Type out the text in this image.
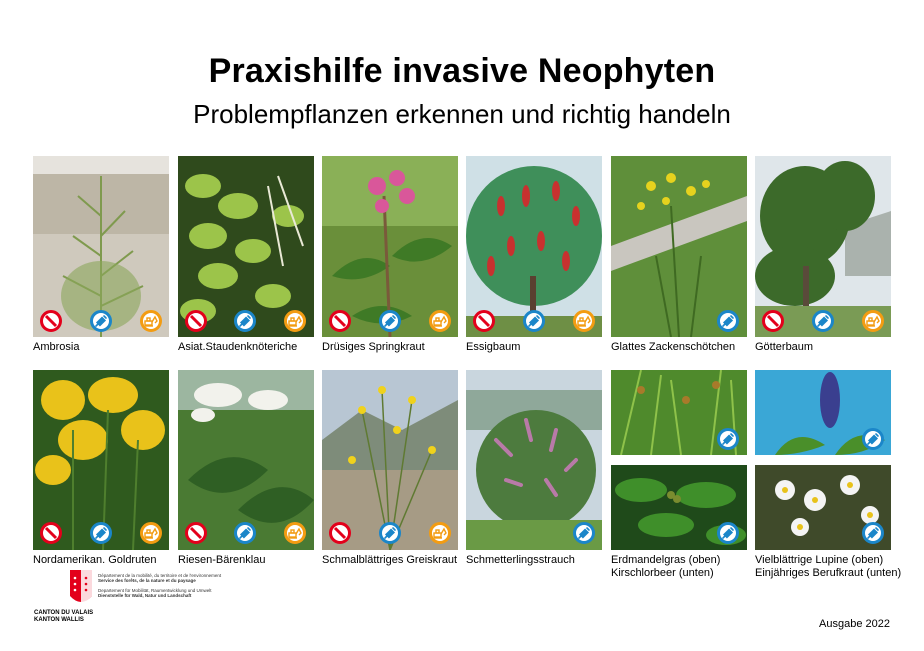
Praxishilfe invasive Neophyten
Problempflanzen erkennen und richtig handeln
Ambrosia	Asiat.Staudenknöteriche Drüsiges Springkraut	Essigbaum	Glattes Zackenschötchen Götterbaum
Nordamerikan. Goldruten Riesen-Bärenklau	Schmalblättriges Greiskraut Schmetterlingsstrauch	Erdmandelgras (oben)
Kirschlorbeer (unten)
Vielblättrige Lupine (oben)
Einjähriges Berufkraut (unten)
CANTON DU VALAIS
KANTON WALLIS
Département de la mobilité, du territoire et de l'environnement
Service des forêts, de la nature et du paysage
Departement für Mobilität, Raumentwicklung und Umwelt
Dienststelle für Wald, Natur und Landschaft
Ausgabe 2022
